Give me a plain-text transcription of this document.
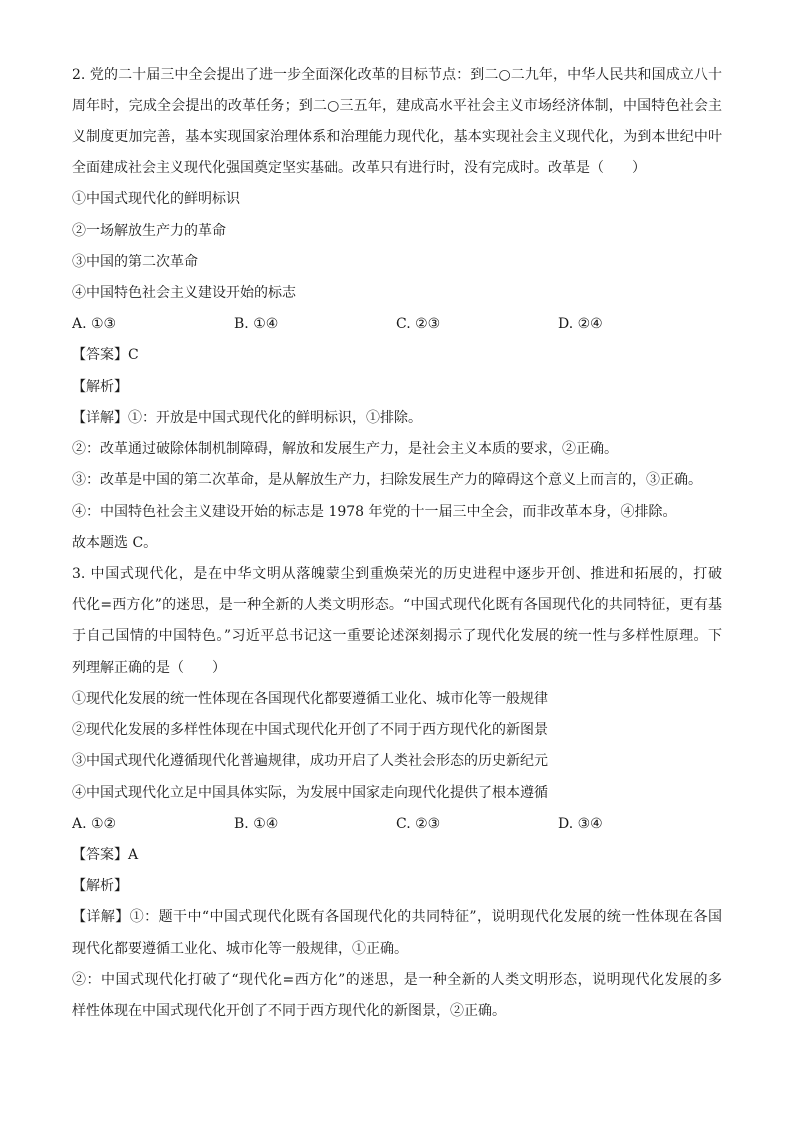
2. 党的二十届三中全会提出了进一步全面深化改革的目标节点：到二○二九年，中华人民共和国成立八十
周年时，完成全会提出的改革任务；到二○三五年，建成高水平社会主义市场经济体制，中国特色社会主
义制度更加完善，基本实现国家治理体系和治理能力现代化，基本实现社会主义现代化，为到本世纪中叶
全面建成社会主义现代化强国奠定坚实基础。改革只有进行时，没有完成时。改革是（　　）
①中国式现代化的鲜明标识
②一场解放生产力的革命
③中国的第二次革命
④中国特色社会主义建设开始的标志
A. ①③	B. ①④	C. ②③	D. ②④
【答案】C
【解析】
【详解】①：开放是中国式现代化的鲜明标识，①排除。
②：改革通过破除体制机制障碍，解放和发展生产力，是社会主义本质的要求，②正确。
③：改革是中国的第二次革命，是从解放生产力，扫除发展生产力的障碍这个意义上而言的，③正确。
④：中国特色社会主义建设开始的标志是 1978 年党的十一届三中全会，而非改革本身，④排除。
故本题选 C。
3. 中国式现代化，是在中华文明从落魄蒙尘到重焕荣光的历史进程中逐步开创、推进和拓展的，打破
代化=西方化”的迷思，是一种全新的人类文明形态。“中国式现代化既有各国现代化的共同特征，更有基
于自己国情的中国特色。”习近平总书记这一重要论述深刻揭示了现代化发展的统一性与多样性原理。下
列理解正确的是（　　）
①现代化发展的统一性体现在各国现代化都要遵循工业化、城市化等一般规律
②现代化发展的多样性体现在中国式现代化开创了不同于西方现代化的新图景
③中国式现代化遵循现代化普遍规律，成功开启了人类社会形态的历史新纪元
④中国式现代化立足中国具体实际，为发展中国家走向现代化提供了根本遵循
A. ①②	B. ①④	C. ②③	D. ③④
【答案】A
【解析】
【详解】①：题干中“中国式现代化既有各国现代化的共同特征”，说明现代化发展的统一性体现在各国
现代化都要遵循工业化、城市化等一般规律，①正确。
②：中国式现代化打破了“现代化=西方化”的迷思，是一种全新的人类文明形态，说明现代化发展的多
样性体现在中国式现代化开创了不同于西方现代化的新图景，②正确。
